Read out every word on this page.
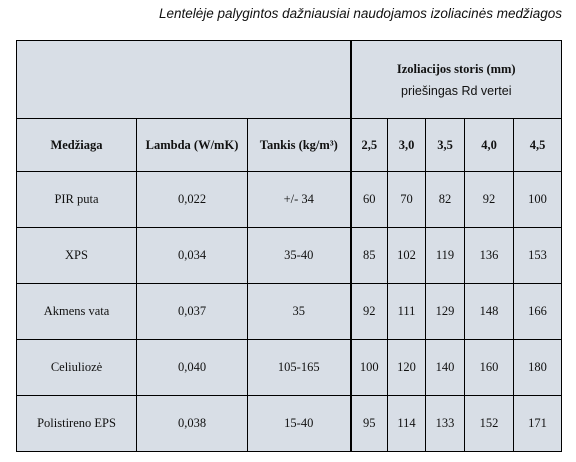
Lentelėje palygintos dažniausiai naudojamos izoliacinės medžiagos

			Izoliacijos storis (mm)
priešingas Rd vertei				

Medžiaga	Lambda (W/mK)	Tankis (kg/m³)	2,5	3,0	3,5	4,0	4,5
PIR puta	0,022	+/- 34	60	70	82	92	100
XPS	0,034	35-40	85	102	119	136	153
Akmens vata	0,037	35	92	111	129	148	166
Celiuliozė	0,040	105-165	100	120	140	160	180
Polistireno EPS	0,038	15-40	95	114	133	152	171
